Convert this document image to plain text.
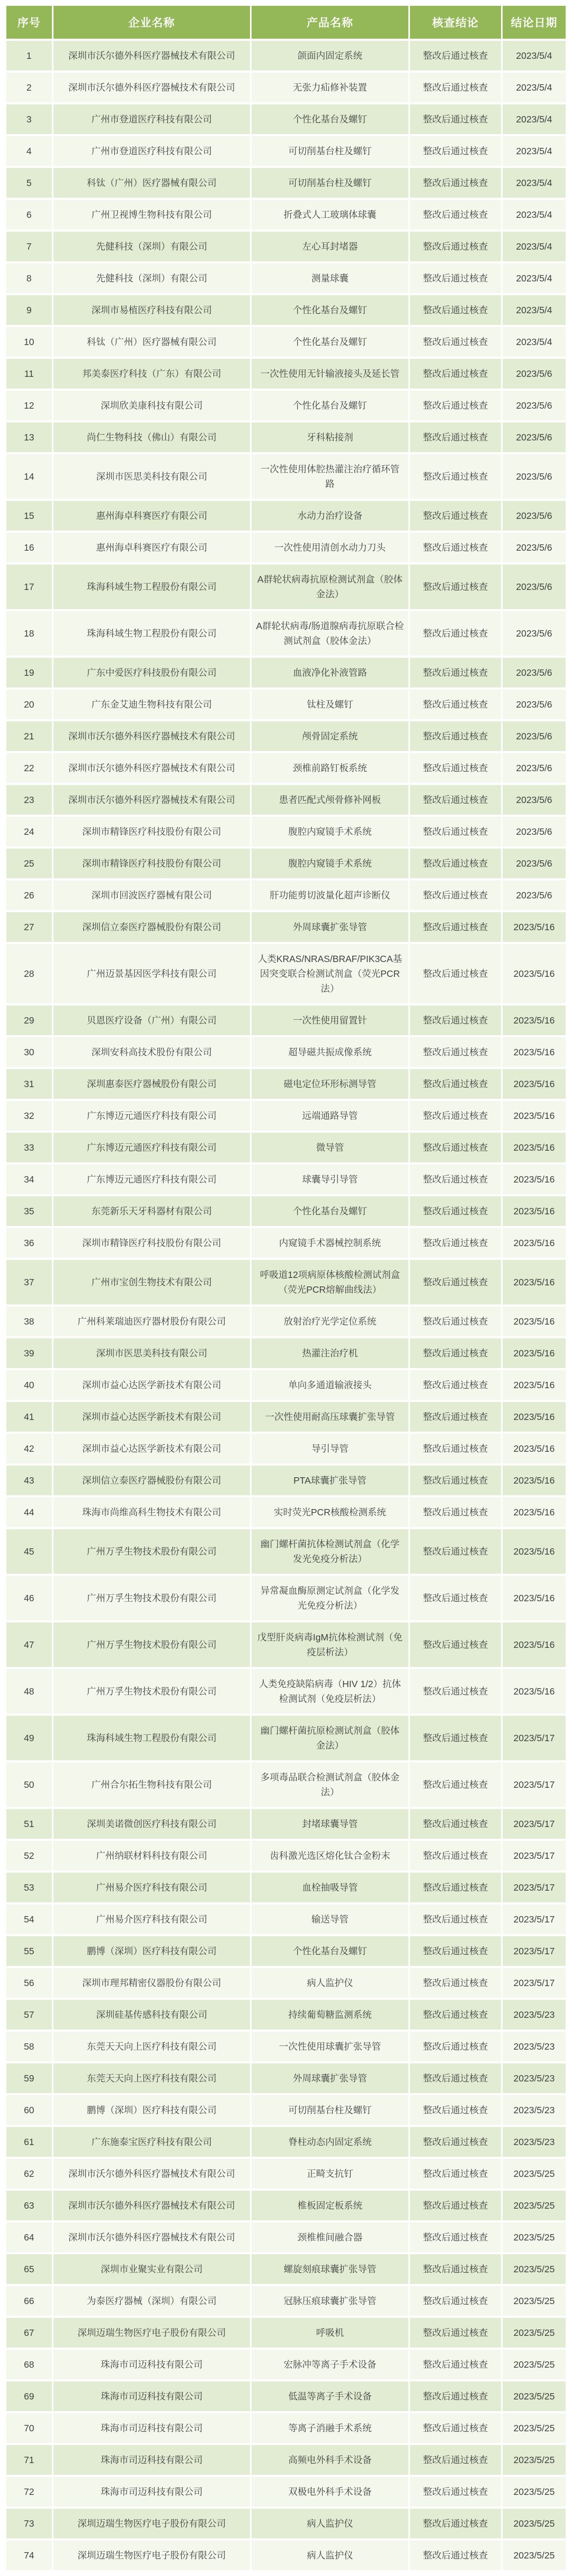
序号	企业名称	产品名称	核查结论	结论日期
1	深圳市沃尔德外科医疗器械技术有限公司	颌面内固定系统	整改后通过核查	2023/5/4
2	深圳市沃尔德外科医疗器械技术有限公司	无张力疝修补装置	整改后通过核查	2023/5/4
3	广州市登道医疗科技有限公司	个性化基台及螺钉	整改后通过核查	2023/5/4
4	广州市登道医疗科技有限公司	可切削基台柱及螺钉	整改后通过核查	2023/5/4
5	科钛（广州）医疗器械有限公司	可切削基台柱及螺钉	整改后通过核查	2023/5/4
6	广州卫视博生物科技有限公司	折叠式人工玻璃体球囊	整改后通过核查	2023/5/4
7	先健科技（深圳）有限公司	左心耳封堵器	整改后通过核查	2023/5/4
8	先健科技（深圳）有限公司	测量球囊	整改后通过核查	2023/5/4
9	深圳市易植医疗科技有限公司	个性化基台及螺钉	整改后通过核查	2023/5/4
10	科钛（广州）医疗器械有限公司	个性化基台及螺钉	整改后通过核查	2023/5/4
11	邦美泰医疗科技（广东）有限公司	一次性使用无针输液接头及延长管	整改后通过核查	2023/5/6
12	深圳欣美康科技有限公司	个性化基台及螺钉	整改后通过核查	2023/5/6
13	尚仁生物科技（佛山）有限公司	牙科粘接剂	整改后通过核查	2023/5/6
14	深圳市医思美科技有限公司	一次性使用体腔热灌注治疗循环管路	整改后通过核查	2023/5/6
15	惠州海卓科赛医疗有限公司	水动力治疗设备	整改后通过核查	2023/5/6
16	惠州海卓科赛医疗有限公司	一次性使用清创水动力刀头	整改后通过核查	2023/5/6
17	珠海科域生物工程股份有限公司	A群轮状病毒抗原检测试剂盒（胶体金法）	整改后通过核查	2023/5/6
18	珠海科域生物工程股份有限公司	A群轮状病毒/肠道腺病毒抗原联合检测试剂盒（胶体金法）	整改后通过核查	2023/5/6
19	广东中爱医疗科技股份有限公司	血液净化补液管路	整改后通过核查	2023/5/6
20	广东金艾迪生物科技有限公司	钛柱及螺钉	整改后通过核查	2023/5/6
21	深圳市沃尔德外科医疗器械技术有限公司	颅骨固定系统	整改后通过核查	2023/5/6
22	深圳市沃尔德外科医疗器械技术有限公司	颈椎前路钉板系统	整改后通过核查	2023/5/6
23	深圳市沃尔德外科医疗器械技术有限公司	患者匹配式颅骨修补网板	整改后通过核查	2023/5/6
24	深圳市精锋医疗科技股份有限公司	腹腔内窥镜手术系统	整改后通过核查	2023/5/6
25	深圳市精锋医疗科技股份有限公司	腹腔内窥镜手术系统	整改后通过核查	2023/5/6
26	深圳市回波医疗器械有限公司	肝功能剪切波量化超声诊断仪	整改后通过核查	2023/5/6
27	深圳信立泰医疗器械股份有限公司	外周球囊扩张导管	整改后通过核查	2023/5/16
28	广州迈景基因医学科技有限公司	人类KRAS/NRAS/BRAF/PIK3CA基因突变联合检测试剂盒（荧光PCR法）	整改后通过核查	2023/5/16
29	贝恩医疗设备（广州）有限公司	一次性使用留置针	整改后通过核查	2023/5/16
30	深圳安科高技术股份有限公司	超导磁共振成像系统	整改后通过核查	2023/5/16
31	深圳惠泰医疗器械股份有限公司	磁电定位环形标测导管	整改后通过核查	2023/5/16
32	广东博迈元通医疗科技有限公司	远端通路导管	整改后通过核查	2023/5/16
33	广东博迈元通医疗科技有限公司	微导管	整改后通过核查	2023/5/16
34	广东博迈元通医疗科技有限公司	球囊导引导管	整改后通过核查	2023/5/16
35	东莞新乐天牙科器材有限公司	个性化基台及螺钉	整改后通过核查	2023/5/16
36	深圳市精锋医疗科技股份有限公司	内窥镜手术器械控制系统	整改后通过核查	2023/5/16
37	广州市宝创生物技术有限公司	呼吸道12项病原体核酸检测试剂盒（荧光PCR熔解曲线法）	整改后通过核查	2023/5/16
38	广州科莱瑞迪医疗器材股份有限公司	放射治疗光学定位系统	整改后通过核查	2023/5/16
39	深圳市医思美科技有限公司	热灌注治疗机	整改后通过核查	2023/5/16
40	深圳市益心达医学新技术有限公司	单向多通道输液接头	整改后通过核查	2023/5/16
41	深圳市益心达医学新技术有限公司	一次性使用耐高压球囊扩张导管	整改后通过核查	2023/5/16
42	深圳市益心达医学新技术有限公司	导引导管	整改后通过核查	2023/5/16
43	深圳信立泰医疗器械股份有限公司	PTA球囊扩张导管	整改后通过核查	2023/5/16
44	珠海市尚维高科生物技术有限公司	实时荧光PCR核酸检测系统	整改后通过核查	2023/5/16
45	广州万孚生物技术股份有限公司	幽门螺杆菌抗体检测试剂盒（化学发光免疫分析法）	整改后通过核查	2023/5/16
46	广州万孚生物技术股份有限公司	异常凝血酶原测定试剂盒（化学发光免疫分析法）	整改后通过核查	2023/5/16
47	广州万孚生物技术股份有限公司	戊型肝炎病毒IgM抗体检测试剂（免疫层析法）	整改后通过核查	2023/5/16
48	广州万孚生物技术股份有限公司	人类免疫缺陷病毒（HIV 1/2）抗体检测试剂（免疫层析法）	整改后通过核查	2023/5/16
49	珠海科域生物工程股份有限公司	幽门螺杆菌抗原检测试剂盒（胶体金法）	整改后通过核查	2023/5/17
50	广州合尔拓生物科技有限公司	多项毒品联合检测试剂盒（胶体金法）	整改后通过核查	2023/5/17
51	深圳美诺微创医疗科技有限公司	封堵球囊导管	整改后通过核查	2023/5/17
52	广州纳联材料科技有限公司	齿科激光选区熔化钛合金粉末	整改后通过核查	2023/5/17
53	广州易介医疗科技有限公司	血栓抽吸导管	整改后通过核查	2023/5/17
54	广州易介医疗科技有限公司	输送导管	整改后通过核查	2023/5/17
55	鹏博（深圳）医疗科技有限公司	个性化基台及螺钉	整改后通过核查	2023/5/17
56	深圳市理邦精密仪器股份有限公司	病人监护仪	整改后通过核查	2023/5/17
57	深圳硅基传感科技有限公司	持续葡萄糖监测系统	整改后通过核查	2023/5/23
58	东莞天天向上医疗科技有限公司	一次性使用球囊扩张导管	整改后通过核查	2023/5/23
59	东莞天天向上医疗科技有限公司	外周球囊扩张导管	整改后通过核查	2023/5/23
60	鹏博（深圳）医疗科技有限公司	可切削基台柱及螺钉	整改后通过核查	2023/5/23
61	广东施泰宝医疗科技有限公司	脊柱动态内固定系统	整改后通过核查	2023/5/23
62	深圳市沃尔德外科医疗器械技术有限公司	正畸支抗钉	整改后通过核查	2023/5/25
63	深圳市沃尔德外科医疗器械技术有限公司	椎板固定板系统	整改后通过核查	2023/5/25
64	深圳市沃尔德外科医疗器械技术有限公司	颈椎椎间融合器	整改后通过核查	2023/5/25
65	深圳市业聚实业有限公司	螺旋刻痕球囊扩张导管	整改后通过核查	2023/5/25
66	为泰医疗器械（深圳）有限公司	冠脉压痕球囊扩张导管	整改后通过核查	2023/5/25
67	深圳迈瑞生物医疗电子股份有限公司	呼吸机	整改后通过核查	2023/5/25
68	珠海市司迈科技有限公司	宏脉冲等离子手术设备	整改后通过核查	2023/5/25
69	珠海市司迈科技有限公司	低温等离子手术设备	整改后通过核查	2023/5/25
70	珠海市司迈科技有限公司	等离子消融手术系统	整改后通过核查	2023/5/25
71	珠海市司迈科技有限公司	高频电外科手术设备	整改后通过核查	2023/5/25
72	珠海市司迈科技有限公司	双极电外科手术设备	整改后通过核查	2023/5/25
73	深圳迈瑞生物医疗电子股份有限公司	病人监护仪	整改后通过核查	2023/5/25
74	深圳迈瑞生物医疗电子股份有限公司	病人监护仪	整改后通过核查	2023/5/25
